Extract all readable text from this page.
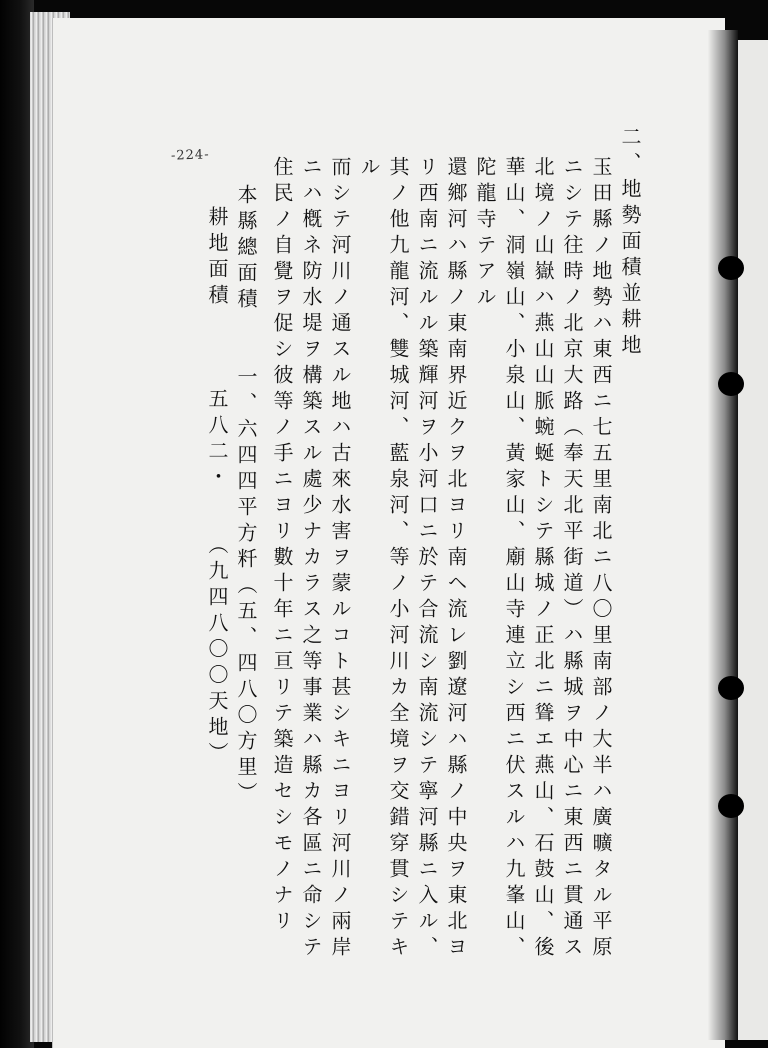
-224-	二、地勢面積並耕地
玉田縣ノ地勢ハ東西ニ七五里南北ニ八〇里南部ノ大半ハ廣曠タル平原
ニシテ往時ノ北京大路（奉天北平街道）ハ縣城ヲ中心ニ東西ニ貫通ス
北境ノ山嶽ハ燕山山脈蜿蜒トシテ縣城ノ正北ニ聳エ燕山、石鼓山、後
華山、洞嶺山、小泉山、黃家山、廟山寺連立シ西ニ伏スルハ九峯山、
陀龍寺テアル
還鄉河ハ縣ノ東南界近クヲ北ヨリ南ヘ流レ劉遼河ハ縣ノ中央ヲ東北ヨ
リ西南ニ流ルル築輝河ヲ小河口ニ於テ合流シ南流シテ寧河縣ニ入ル、
其ノ他九龍河、雙城河、藍泉河、等ノ小河川カ全境ヲ交錯穿貫シテキ
ル
而シテ河川ノ通スル地ハ古來水害ヲ蒙ルコト甚シキニヨリ河川ノ兩岸
ニハ槪ネ防水堤ヲ構築スル處少ナカラス之等事業ハ縣カ各區ニ命シテ
住民ノ自覺ヲ促シ彼等ノ手ニヨリ數十年ニ亘リテ築造セシモノナリ
本縣總面積　　一、六四四平方粁（五、四八〇方里）
耕地面積　　　五八二・　　（九四八〇〇天地）
